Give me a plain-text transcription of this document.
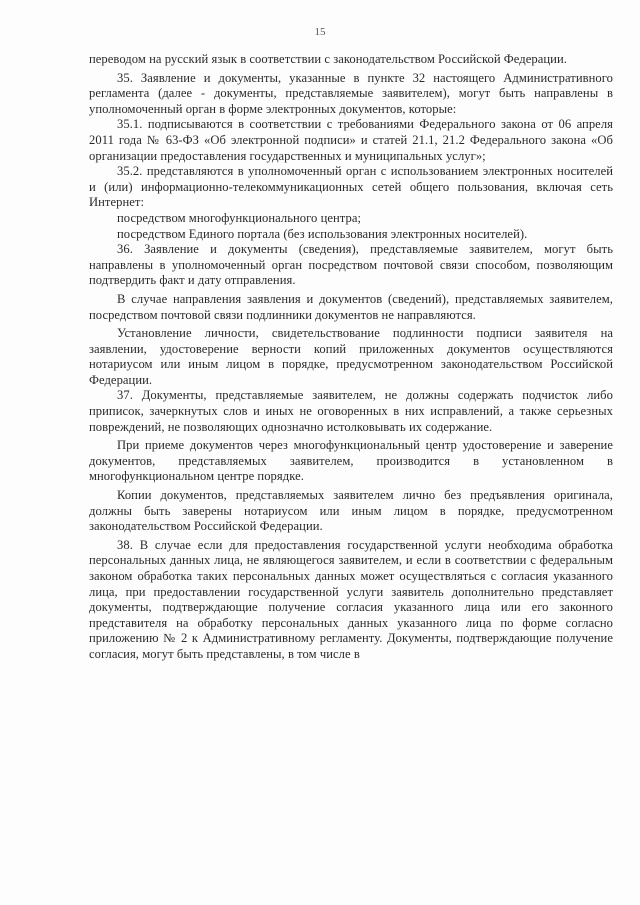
15

переводом на русский язык в соответствии с законодательством Российской Федерации.

35. Заявление и документы, указанные в пункте 32 настоящего Административного регламента (далее - документы, представляемые заявителем), могут быть направлены в уполномоченный орган в форме электронных документов, которые:

35.1. подписываются в соответствии с требованиями Федерального закона от 06 апреля 2011 года № 63-ФЗ «Об электронной подписи» и статей 21.1, 21.2 Федерального закона «Об организации предоставления государственных и муниципальных услуг»;

35.2. представляются в уполномоченный орган с использованием электронных носителей и (или) информационно-телекоммуникационных сетей общего пользования, включая сеть Интернет:

посредством многофункционального центра;

посредством Единого портала (без использования электронных носителей).

36. Заявление и документы (сведения), представляемые заявителем, могут быть направлены в уполномоченный орган посредством почтовой связи способом, позволяющим подтвердить факт и дату отправления.

В случае направления заявления и документов (сведений), представляемых заявителем, посредством почтовой связи подлинники документов не направляются.

Установление личности, свидетельствование подлинности подписи заявителя на заявлении, удостоверение верности копий приложенных документов осуществляются нотариусом или иным лицом в порядке, предусмотренном законодательством Российской Федерации.

37. Документы, представляемые заявителем, не должны содержать подчисток либо приписок, зачеркнутых слов и иных не оговоренных в них исправлений, а также серьезных повреждений, не позволяющих однозначно истолковывать их содержание.

При приеме документов через многофункциональный центр удостоверение и заверение документов, представляемых заявителем, производится в установленном в многофункциональном центре порядке.

Копии документов, представляемых заявителем лично без предъявления оригинала, должны быть заверены нотариусом или иным лицом в порядке, предусмотренном законодательством Российской Федерации.

38. В случае если для предоставления государственной услуги необходима обработка персональных данных лица, не являющегося заявителем, и если в соответствии с федеральным законом обработка таких персональных данных может осуществляться с согласия указанного лица, при предоставлении государственной услуги заявитель дополнительно представляет документы, подтверждающие получение согласия указанного лица или его законного представителя на обработку персональных данных указанного лица по форме согласно приложению № 2 к Административному регламенту. Документы, подтверждающие получение согласия, могут быть представлены, в том числе в
